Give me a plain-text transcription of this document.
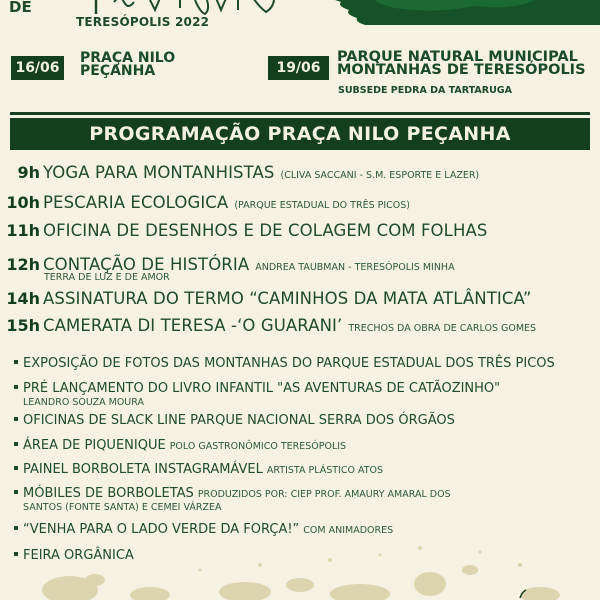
DE
TERESÓPOLIS 2022
16/06
PRAÇA NILO
PEÇANHA	19/06
PARQUE NATURAL MUNICIPAL
MONTANHAS DE TERESÓPOLIS
SUBSEDE PEDRA DA TARTARUGA
PROGRAMAÇÃO PRAÇA NILO PEÇANHA
9h YOGA PARA MONTANHISTAS (CLIVA SACCANI - S.M. ESPORTE E LAZER)
10h PESCARIA ECOLOGICA (PARQUE ESTADUAL DO TRÊS PICOS)
11h OFICINA DE DESENHOS E DE COLAGEM COM FOLHAS
12h CONTAÇÃO DE HISTÓRIA ANDREA TAUBMAN - TERESÓPOLIS MINHA
TERRA DE LUZ E DE AMOR
14h ASSINATURA DO TERMO “CAMINHOS DA MATA ATLÂNTICA”
15h CAMERATA DI TERESA -‘O GUARANI’ TRECHOS DA OBRA DE CARLOS GOMES
EXPOSIÇÃO DE FOTOS DAS MONTANHAS DO PARQUE ESTADUAL DOS TRÊS PICOS
PRÉ LANÇAMENTO DO LIVRO INFANTIL "AS AVENTURAS DE CATÃOZINHO"
LEANDRO SOUZA MOURA
OFICINAS DE SLACK LINE PARQUE NACIONAL SERRA DOS ÓRGÃOS
ÁREA DE PIQUENIQUE POLO GASTRONÔMICO TERESÓPOLIS
PAINEL BORBOLETA INSTAGRAMÁVEL ARTISTA PLÁSTICO ATOS
MÓBILES DE BORBOLETAS PRODUZIDOS POR: CIEP PROF. AMAURY AMARAL DOS
SANTOS (FONTE SANTA) E CEMEI VÁRZEA
“VENHA PARA O LADO VERDE DA FORÇA!” COM ANIMADORES
FEIRA ORGÂNICA
